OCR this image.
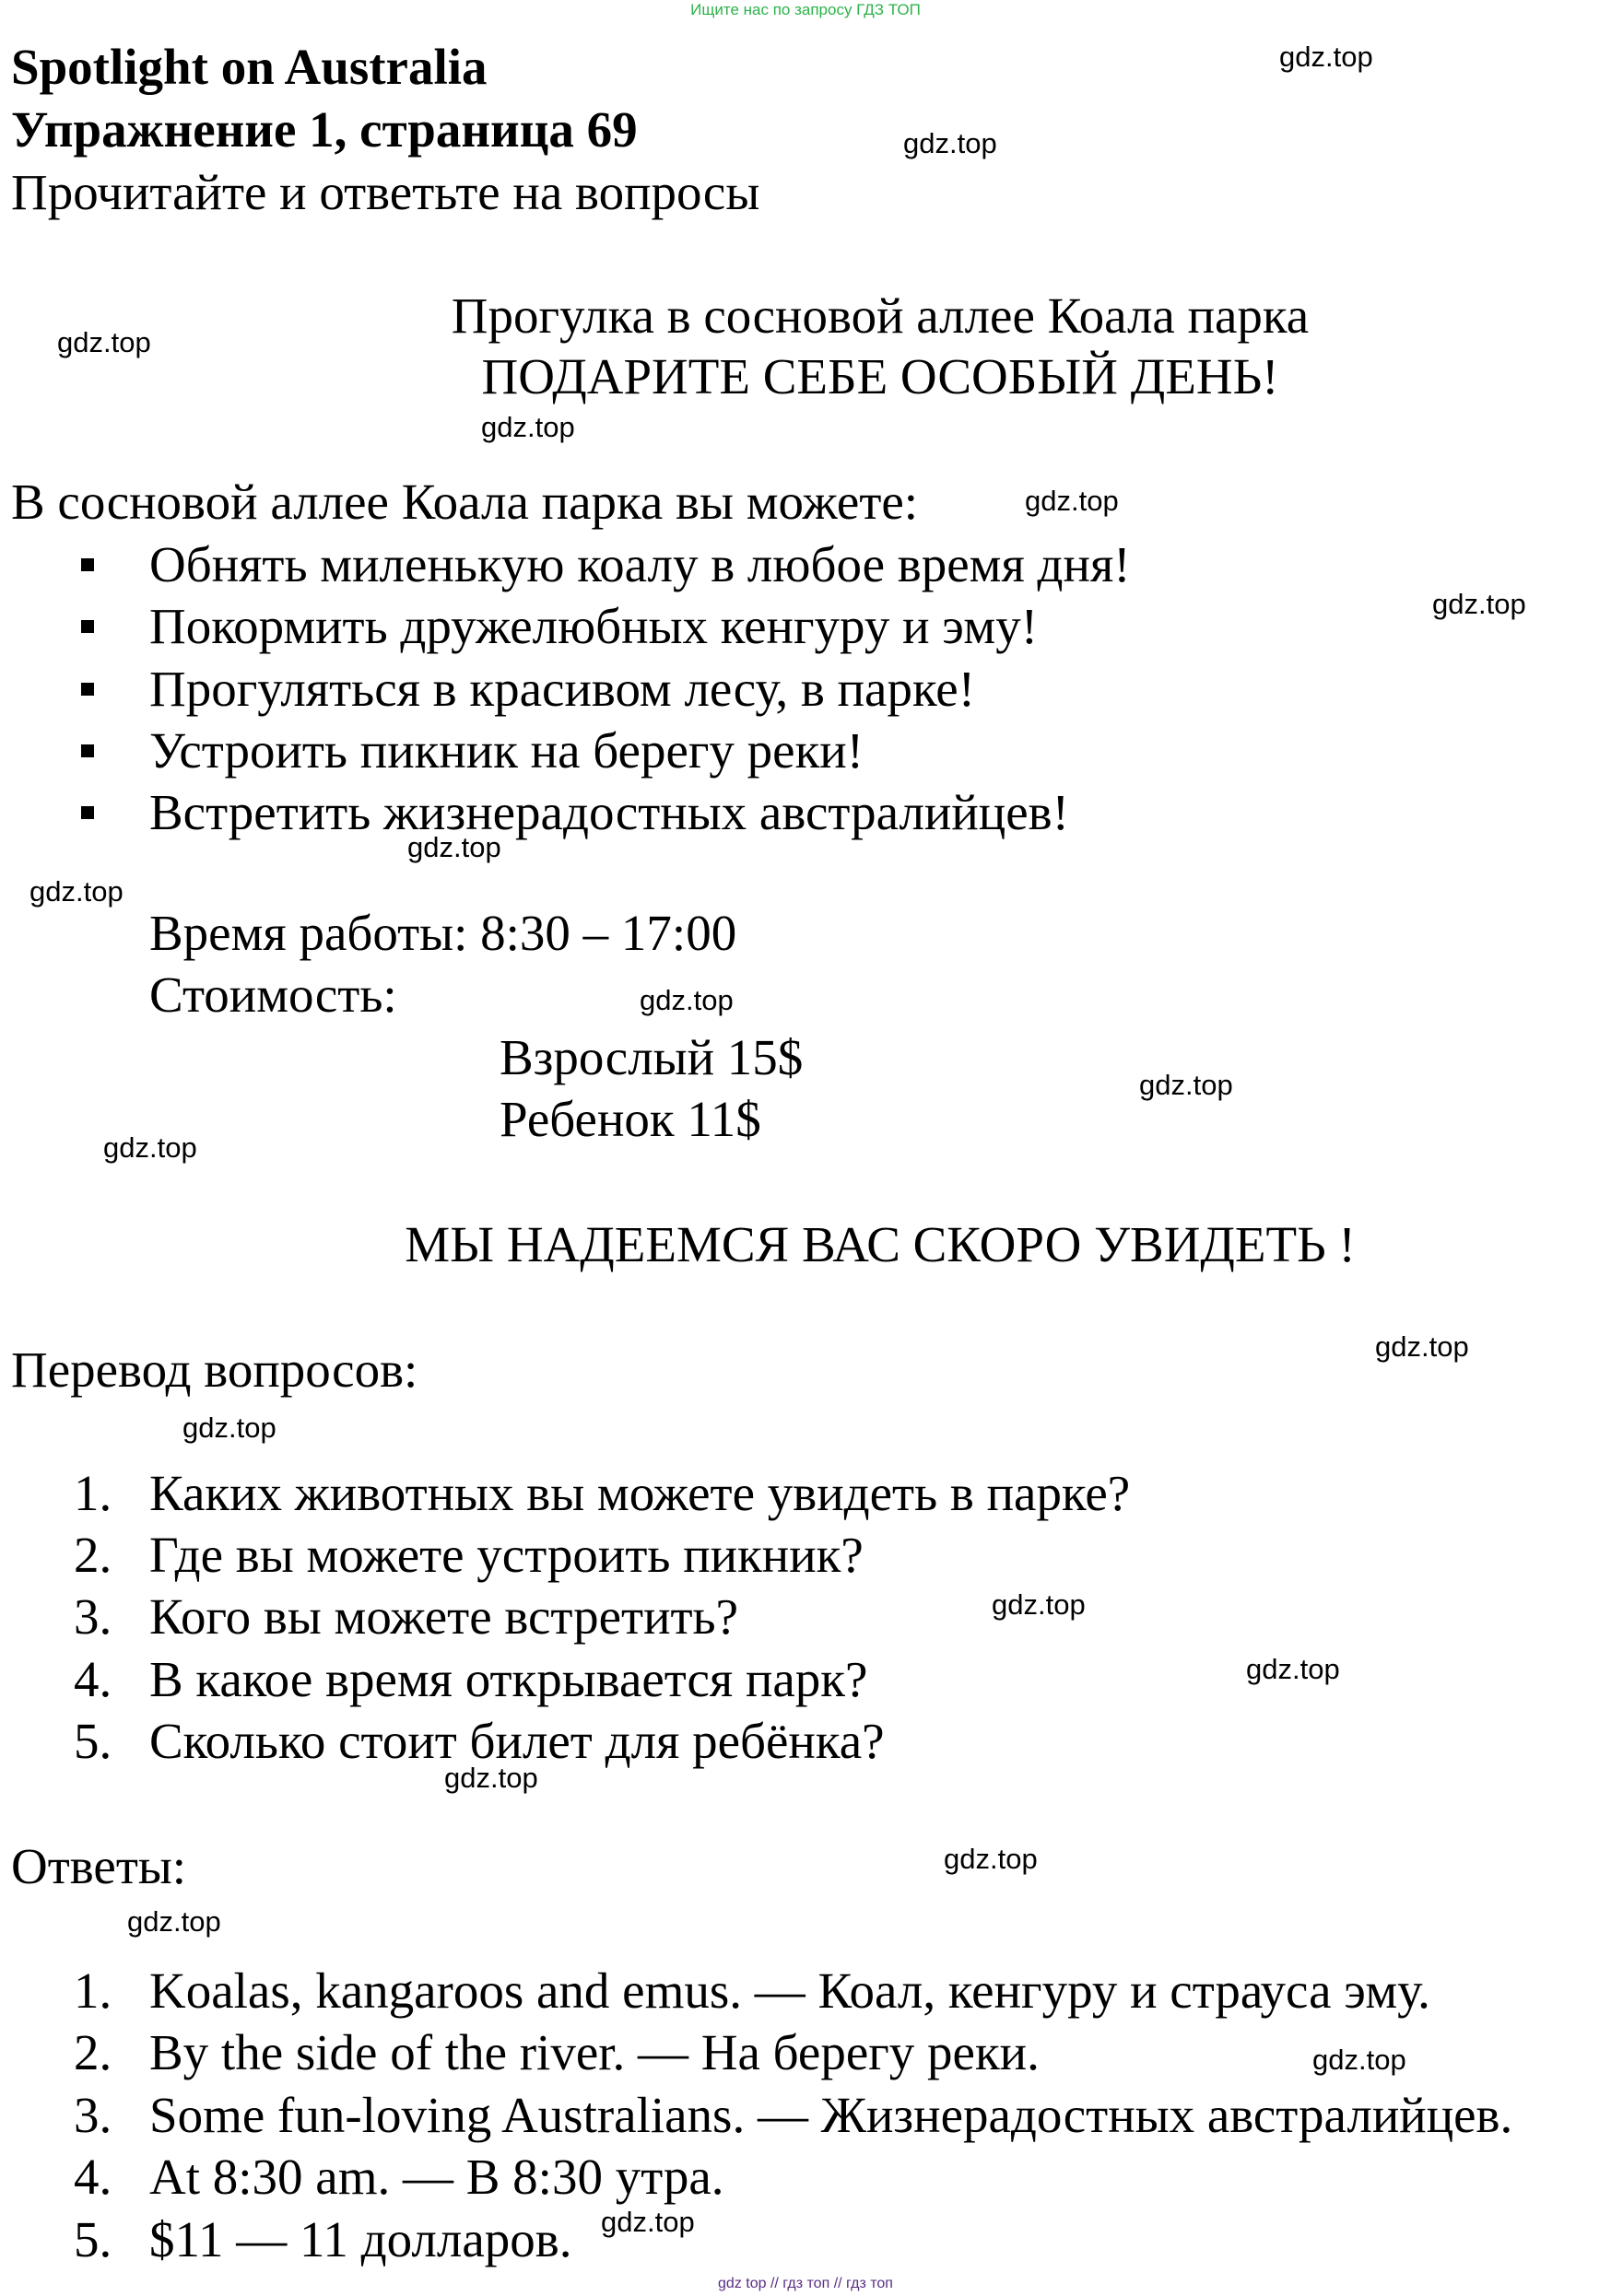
Ищите нас по запросу ГДЗ ТОП
Spotlight on Australia
Упражнение 1, страница 69
Прочитайте и ответьте на вопросы
Прогулка в сосновой аллее Коала парка
ПОДАРИТЕ СЕБЕ ОСОБЫЙ ДЕНЬ!
В сосновой аллее Коала парка вы можете:
Обнять миленькую коалу в любое время дня!
Покормить дружелюбных кенгуру и эму!
Прогуляться в красивом лесу, в парке!
Устроить пикник на берегу реки!
Встретить жизнерадостных австралийцев!
Время работы: 8:30 – 17:00
Стоимость:
Взрослый 15$
Ребенок 11$
МЫ НАДЕЕМСЯ ВАС СКОРО УВИДЕТЬ !
Перевод вопросов:
1. Каких животных вы можете увидеть в парке?
2. Где вы можете устроить пикник?
3. Кого вы можете встретить?
4. В какое время открывается парк?
5. Сколько стоит билет для ребёнка?
Ответы:
1. Koalas, kangaroos and emus. — Коал, кенгуру и страуса эму.
2. By the side of the river. — На берегу реки.
3. Some fun-loving Australians. — Жизнерадостных австралийцев.
4. At 8:30 am. — В 8:30 утра.
5. $11 — 11 долларов.
gdz.top
gdz.top
gdz.top
gdz.top
gdz.top
gdz.top
gdz.top
gdz.top
gdz.top
gdz.top
gdz.top
gdz.top
gdz.top
gdz.top
gdz.top
gdz.top
gdz.top
gdz.top
gdz.top
gdz.top
gdz top // гдз топ // гдз топ
